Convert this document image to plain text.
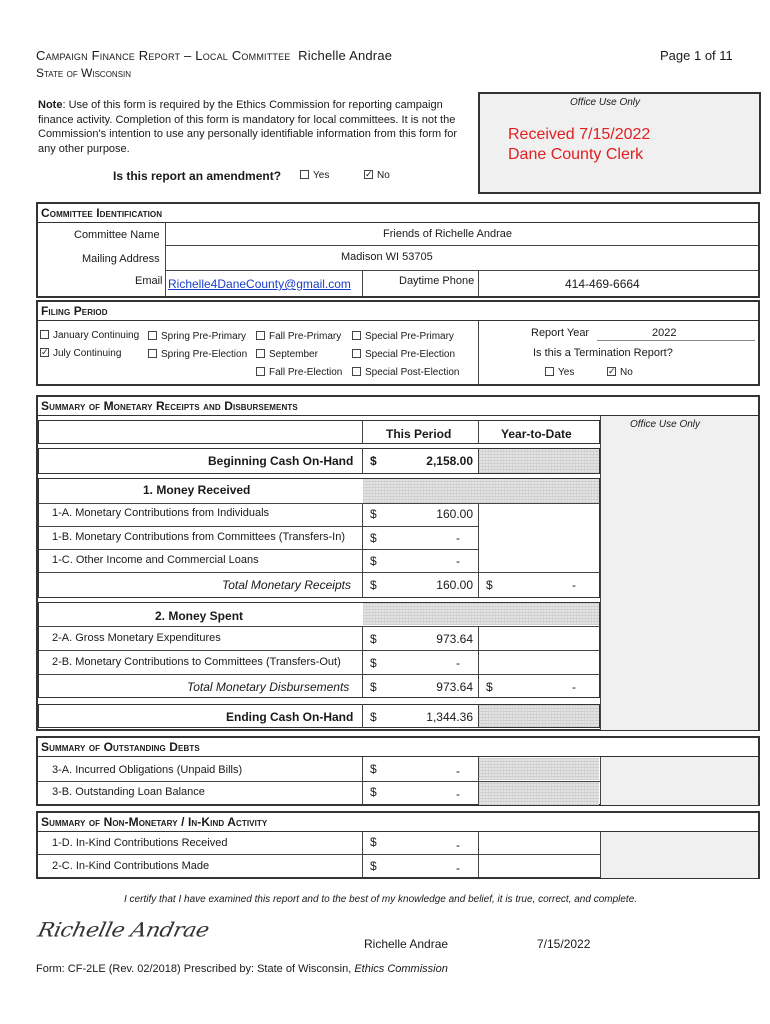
Campaign Finance Report – Local Committee Richelle Andrae
State of Wisconsin
Page 1 of 11
Note: Use of this form is required by the Ethics Commission for reporting campaign finance activity. Completion of this form is mandatory for local committees. It is not the Commission's intention to use any personally identifiable information from this form for any other purpose.
Office Use Only
Received 7/15/2022
Dane County Clerk
Is this report an amendment?	Yes ✓	No
Committee Identification
Committee Name	Friends of Richelle Andrae
Mailing Address	Madison WI 53705
Email Richelle4DaneCounty@gmail.com	Daytime Phone	414-469-6664
Filing Period
January Continuing
✓July Continuing
Spring Pre-Primary
Spring Pre-Election
Fall Pre-Primary
September
Fall Pre-Election
Special Pre-Primary
Special Pre-Election
Special Post-Election
Report Year	2022
Is this a Termination Report?
Yes ✓	No
Summary of Monetary Receipts and Disbursements
Office Use Only
This Period	Year-to-Date
Beginning Cash On-Hand $	2,158.00
1. Money Received
1-A. Monetary Contributions from Individuals	$	160.00
1-B. Monetary Contributions from Committees (Transfers-In) $	-
1-C. Other Income and Commercial Loans	$	-
Total Monetary Receipts $	160.00 $	-
2. Money Spent
2-A. Gross Monetary Expenditures	$	973.64
2-B. Monetary Contributions to Committees (Transfers-Out) $	-
Total Monetary Disbursements $	973.64 $	-
Ending Cash On-Hand $	1,344.36
Summary of Outstanding Debts
3-A. Incurred Obligations (Unpaid Bills)	$	-
3-B. Outstanding Loan Balance	$	-
Summary of Non-Monetary / In-Kind Activity
1-D. In-Kind Contributions Received	$	-
2-C. In-Kind Contributions Made	$	-
I certify that I have examined this report and to the best of my knowledge and belief, it is true, correct, and complete.
Richelle Andrae
Richelle Andrae	7/15/2022
Form: CF-2LE (Rev. 02/2018) Prescribed by: State of Wisconsin, Ethics Commission
